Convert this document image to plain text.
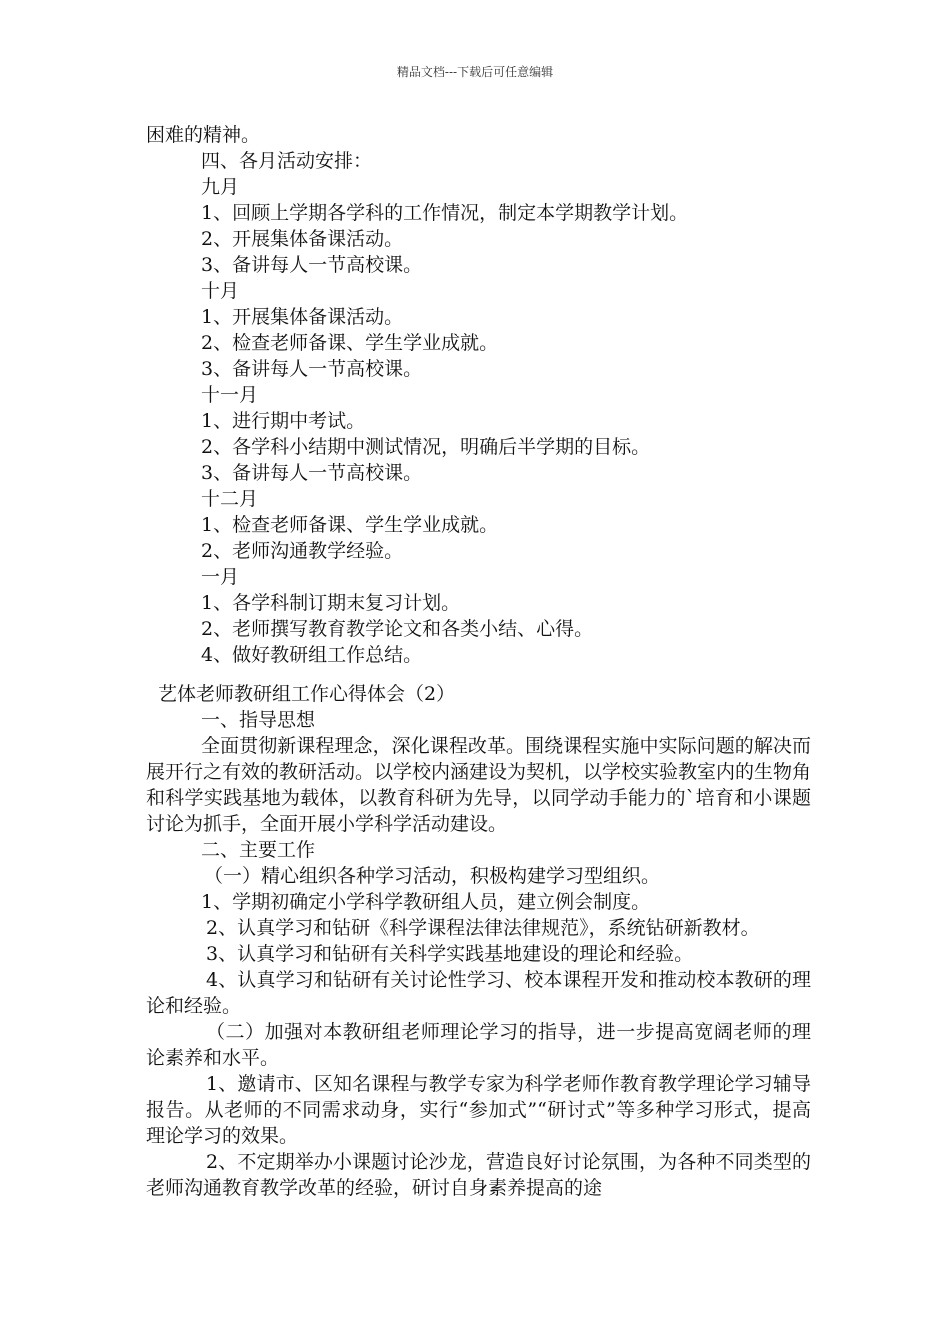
精品文档---下载后可任意编辑
困难的精神。
四、各月活动安排：
九月
1、回顾上学期各学科的工作情况，制定本学期教学计划。
2、开展集体备课活动。
3、备讲每人一节高校课。
十月
1、开展集体备课活动。
2、检查老师备课、学生学业成就。
3、备讲每人一节高校课。
十一月
1、进行期中考试。
2、各学科小结期中测试情况，明确后半学期的目标。
3、备讲每人一节高校课。
十二月
1、检查老师备课、学生学业成就。
2、老师沟通教学经验。
一月
1、各学科制订期末复习计划。
2、老师撰写教育教学论文和各类小结、心得。
4、做好教研组工作总结。
艺体老师教研组工作心得体会（2）
一、指导思想

全面贯彻新课程理念，深化课程改革。围绕课程实施中实际问题的解决而展开行之有效的教研活动。以学校内涵建设为契机，以学校实验教室内的生物角和科学实践基地为载体，以教育科研为先导，以同学动手能力的`培育和小课题讨论为抓手，全面开展小学科学活动建设。

二、主要工作
（一）精心组织各种学习活动，积极构建学习型组织。

1、学期初确定小学科学教研组人员，建立例会制度。

2、认真学习和钻研《科学课程法律法律规范》，系统钻研新教材。

3、认真学习和钻研有关科学实践基地建设的理论和经验。

4、认真学习和钻研有关讨论性学习、校本课程开发和推动校本教研的理论和经验。

（二）加强对本教研组老师理论学习的指导，进一步提高宽阔老师的理论素养和水平。

1、邀请市、区知名课程与教学专家为科学老师作教育教学理论学习辅导报告。从老师的不同需求动身，实行“参加式”“研讨式”等多种学习形式，提高理论学习的效果。

2、不定期举办小课题讨论沙龙，营造良好讨论氛围，为各种不同类型的老师沟通教育教学改革的经验，研讨自身素养提高的途
